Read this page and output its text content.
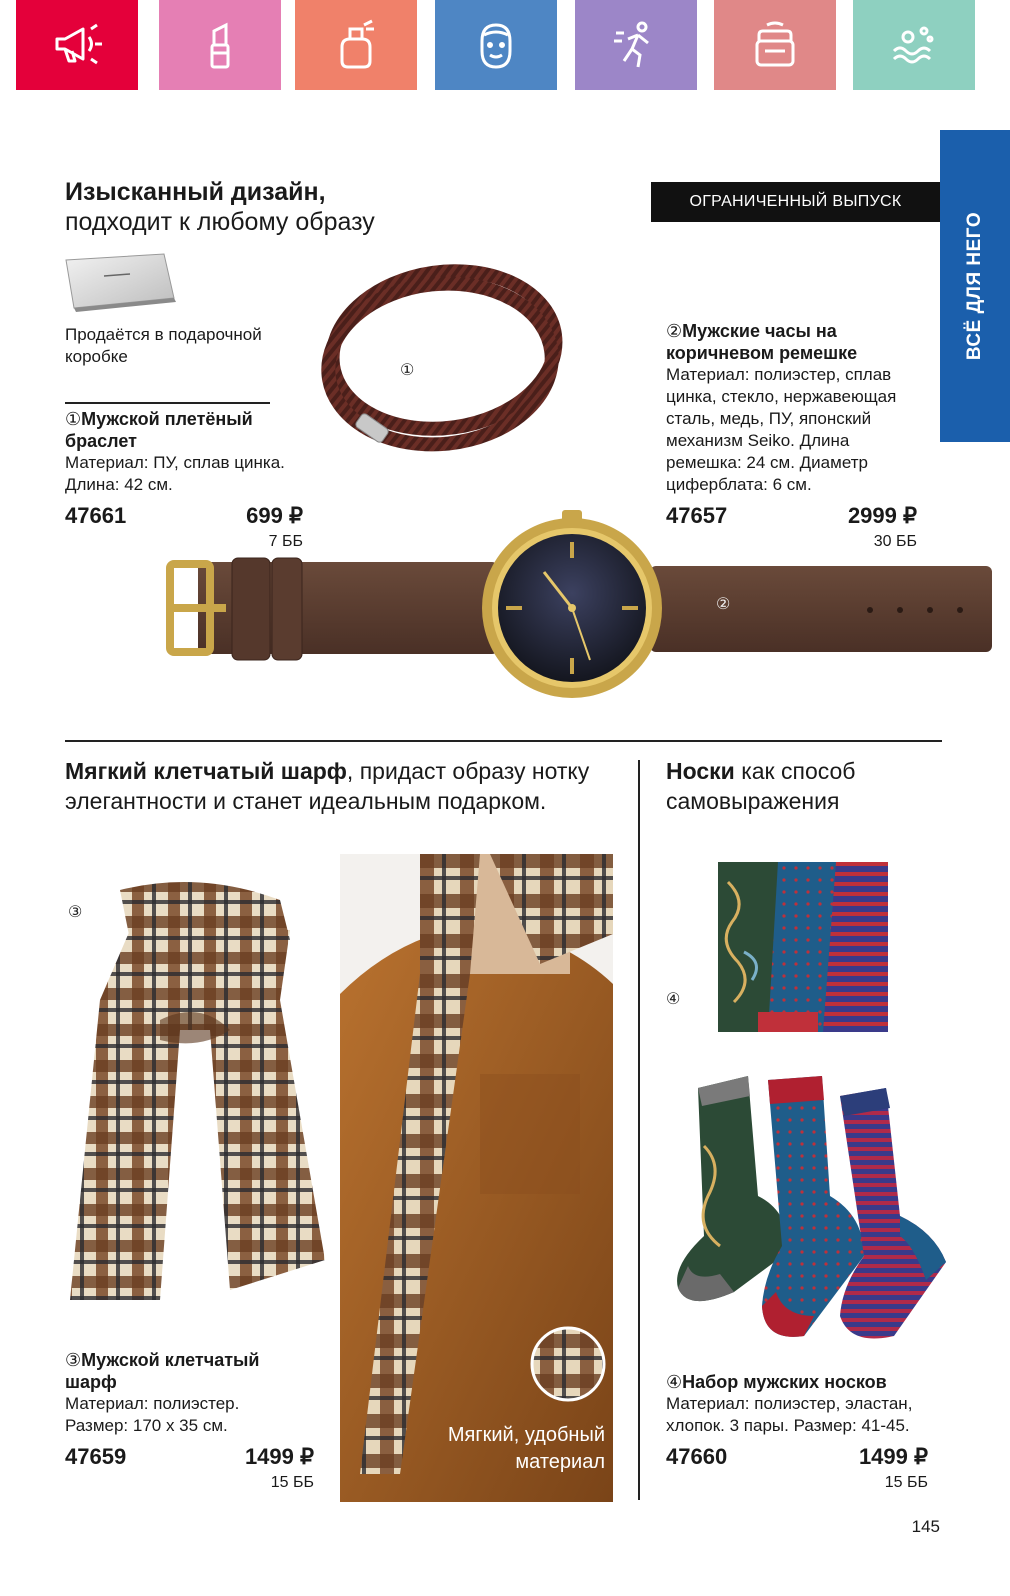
ВСЁ ДЛЯ НЕГО
Изысканный дизайн,
подходит к любому образу
Продаётся в подарочной
коробке
①Мужской плетёный
браслет
Материал: ПУ, сплав цинка.
Длина: 42 см.
47661	699 ₽
7 ББ
①
ОГРАНИЧЕННЫЙ ВЫПУСК
②Мужские часы на
коричневом ремешке
Материал: полиэстер, сплав
цинка, стекло, нержавеющая
сталь, медь, ПУ, японский
механизм Seiko. Длина
ремешка: 24 см. Диаметр
циферблата: 6 см.
47657	2999 ₽
30 ББ
②
Мягкий клетчатый шарф, придаст образу нотку
элегантности и станет идеальным подарком.
Носки как способ
самовыражения
③
Мягкий, удобный
материал
③Мужской клетчатый
шарф
Материал: полиэстер.
Размер: 170 х 35 см.
47659	1499 ₽
15 ББ
④
④Набор мужских носков
Материал: полиэстер, эластан,
хлопок. 3 пары. Размер: 41-45.
47660	1499 ₽
15 ББ
145
